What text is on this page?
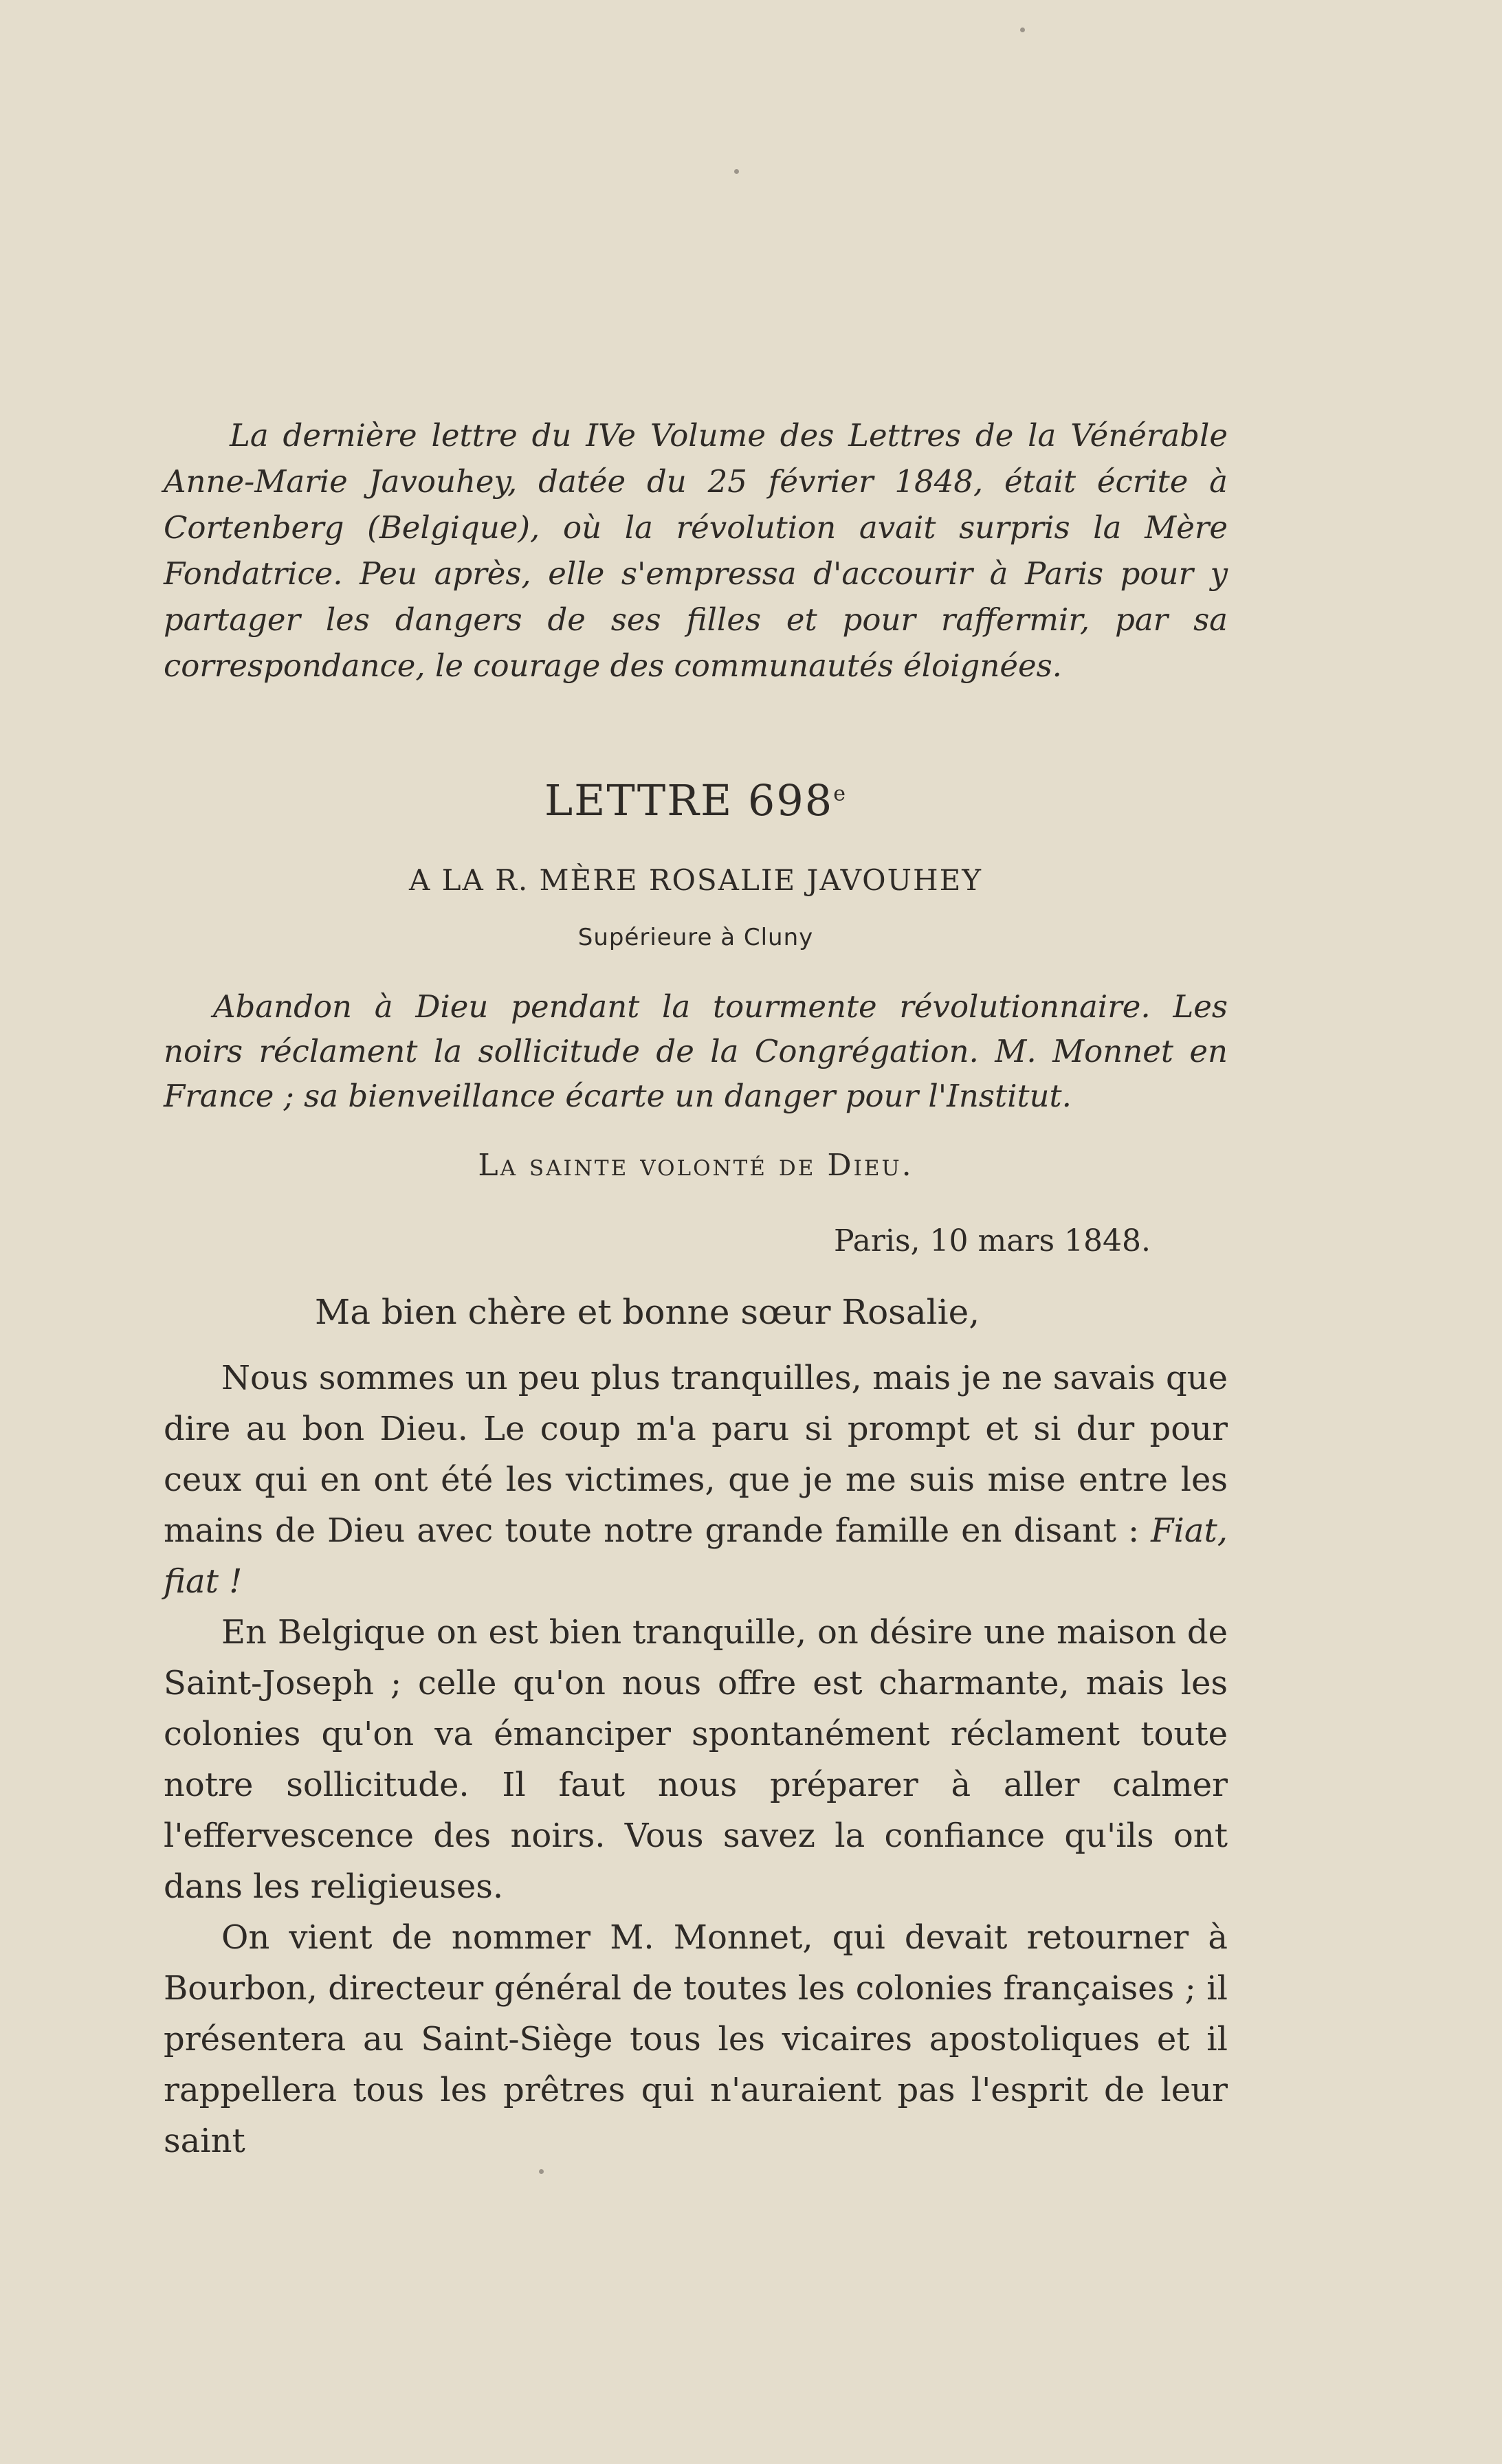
La dernière lettre du IVe Volume des Lettres de la Vénérable Anne-Marie Javouhey, datée du 25 février 1848, était écrite à Cortenberg (Belgique), où la révolution avait surpris la Mère Fondatrice. Peu après, elle s'empressa d'accourir à Paris pour y partager les dangers de ses filles et pour raffermir, par sa correspondance, le courage des communautés éloignées.

LETTRE 698e

A LA R. MÈRE ROSALIE JAVOUHEY

Supérieure à Cluny

Abandon à Dieu pendant la tourmente révolutionnaire. Les noirs réclament la sollicitude de la Congrégation. M. Monnet en France ; sa bienveillance écarte un danger pour l'Institut.

La sainte volonté de Dieu.

Paris, 10 mars 1848.

Ma bien chère et bonne sœur Rosalie,

Nous sommes un peu plus tranquilles, mais je ne savais que dire au bon Dieu. Le coup m'a paru si prompt et si dur pour ceux qui en ont été les victimes, que je me suis mise entre les mains de Dieu avec toute notre grande famille en disant : Fiat, fiat !

En Belgique on est bien tranquille, on désire une maison de Saint-Joseph ; celle qu'on nous offre est charmante, mais les colonies qu'on va émanciper spontanément réclament toute notre sollicitude. Il faut nous préparer à aller calmer l'effervescence des noirs. Vous savez la confiance qu'ils ont dans les religieuses.

On vient de nommer M. Monnet, qui devait retourner à Bourbon, directeur général de toutes les colonies françaises ; il présentera au Saint-Siège tous les vicaires apostoliques et il rappellera tous les prêtres qui n'auraient pas l'esprit de leur saint
